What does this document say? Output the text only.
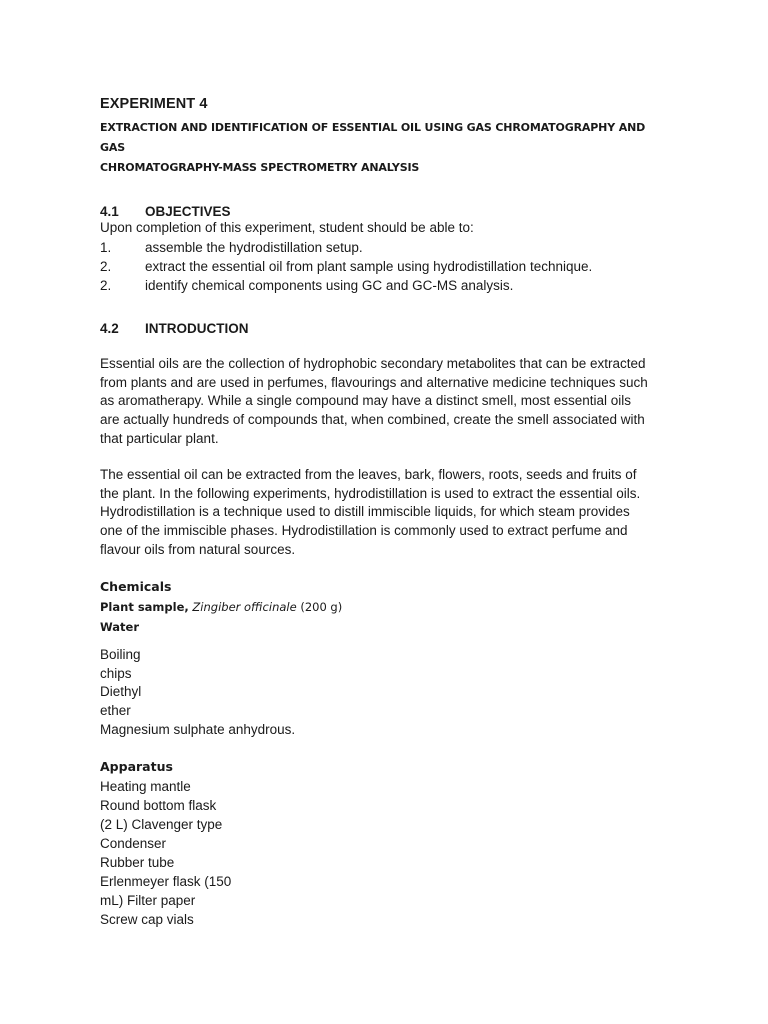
EXPERIMENT 4
EXTRACTION AND IDENTIFICATION OF ESSENTIAL OIL USING GAS CHROMATOGRAPHY AND GAS
CHROMATOGRAPHY-MASS SPECTROMETRY ANALYSIS
4.1	OBJECTIVES

Upon completion of this experiment, student should be able to:

1.	assemble the hydrodistillation setup.
2.	extract the essential oil from plant sample using hydrodistillation technique.
2.	identify chemical components using GC and GC-MS analysis.
4.2	INTRODUCTION
Essential oils are the collection of hydrophobic secondary metabolites that can be extracted
from plants and are used in perfumes, flavourings and alternative medicine techniques such
as aromatherapy. While a single compound may have a distinct smell, most essential oils
are actually hundreds of compounds that, when combined, create the smell associated with
that particular plant.
The essential oil can be extracted from the leaves, bark, flowers, roots, seeds and fruits of
the plant. In the following experiments, hydrodistillation is used to extract the essential oils.
Hydrodistillation is a technique used to distill immiscible liquids, for which steam provides
one of the immiscible phases. Hydrodistillation is commonly used to extract perfume and
flavour oils from natural sources.
Chemicals
Plant sample, Zingiber officinale (200 g)
Water
Boiling
chips
Diethyl
ether
Magnesium sulphate anhydrous.
Apparatus
Heating mantle
Round bottom flask
(2 L) Clavenger type
Condenser
Rubber tube
Erlenmeyer flask (150
mL) Filter paper
Screw cap vials
